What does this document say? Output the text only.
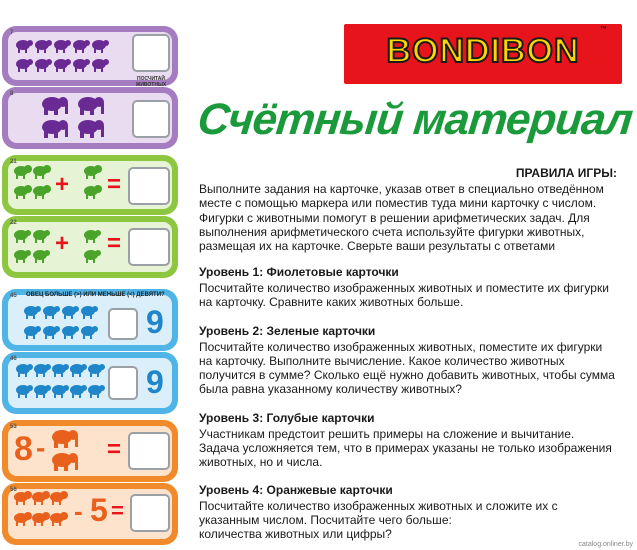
BONDIBON
™
Счётный материал
ПРАВИЛА ИГРЫ:
Выполните задания на карточке, указав ответ в специально отведённом месте с помощью маркера или поместив туда мини карточку с числом.
Фигурки с животными помогут в решении арифметических задач. Для выполнения арифметического счета используйте фигурки животных, размещая их на карточке. Сверьте ваши результаты с ответами
Уровень 1: Фиолетовые карточки
Посчитайте количество изображенных животных и поместите их фигурки на карточку. Сравните каких животных больше.
Уровень 2: Зеленые карточки
Посчитайте количество изображенных животных, поместите их фигурки на карточку. Выполните вычисление. Какое количество животных получится в сумме? Сколько ещё нужно добавить животных, чтобы сумма была равна указанному количеству животных?
Уровень 3: Голубые карточки
Участникам предстоит решить примеры на сложение и вычитание. Задача усложняется тем, что в примерах указаны не только изображения животных, но и числа.
Уровень 4: Оранжевые карточки
Посчитайте количество изображенных животных и сложите их с указанным числом. Посчитайте чего больше:
количества животных или цифры?
catalog.onliner.by
7
8
ПОСЧИТАЙ
ЖИВОТНЫХ
21
+ =
22
+ =
45 ОВЕЦ БОЛЬШЕ (>) ИЛИ МЕНЬШЕ (<) ДЕВЯТИ?
9
46
9
53
8 -	=
56
- 5 =
